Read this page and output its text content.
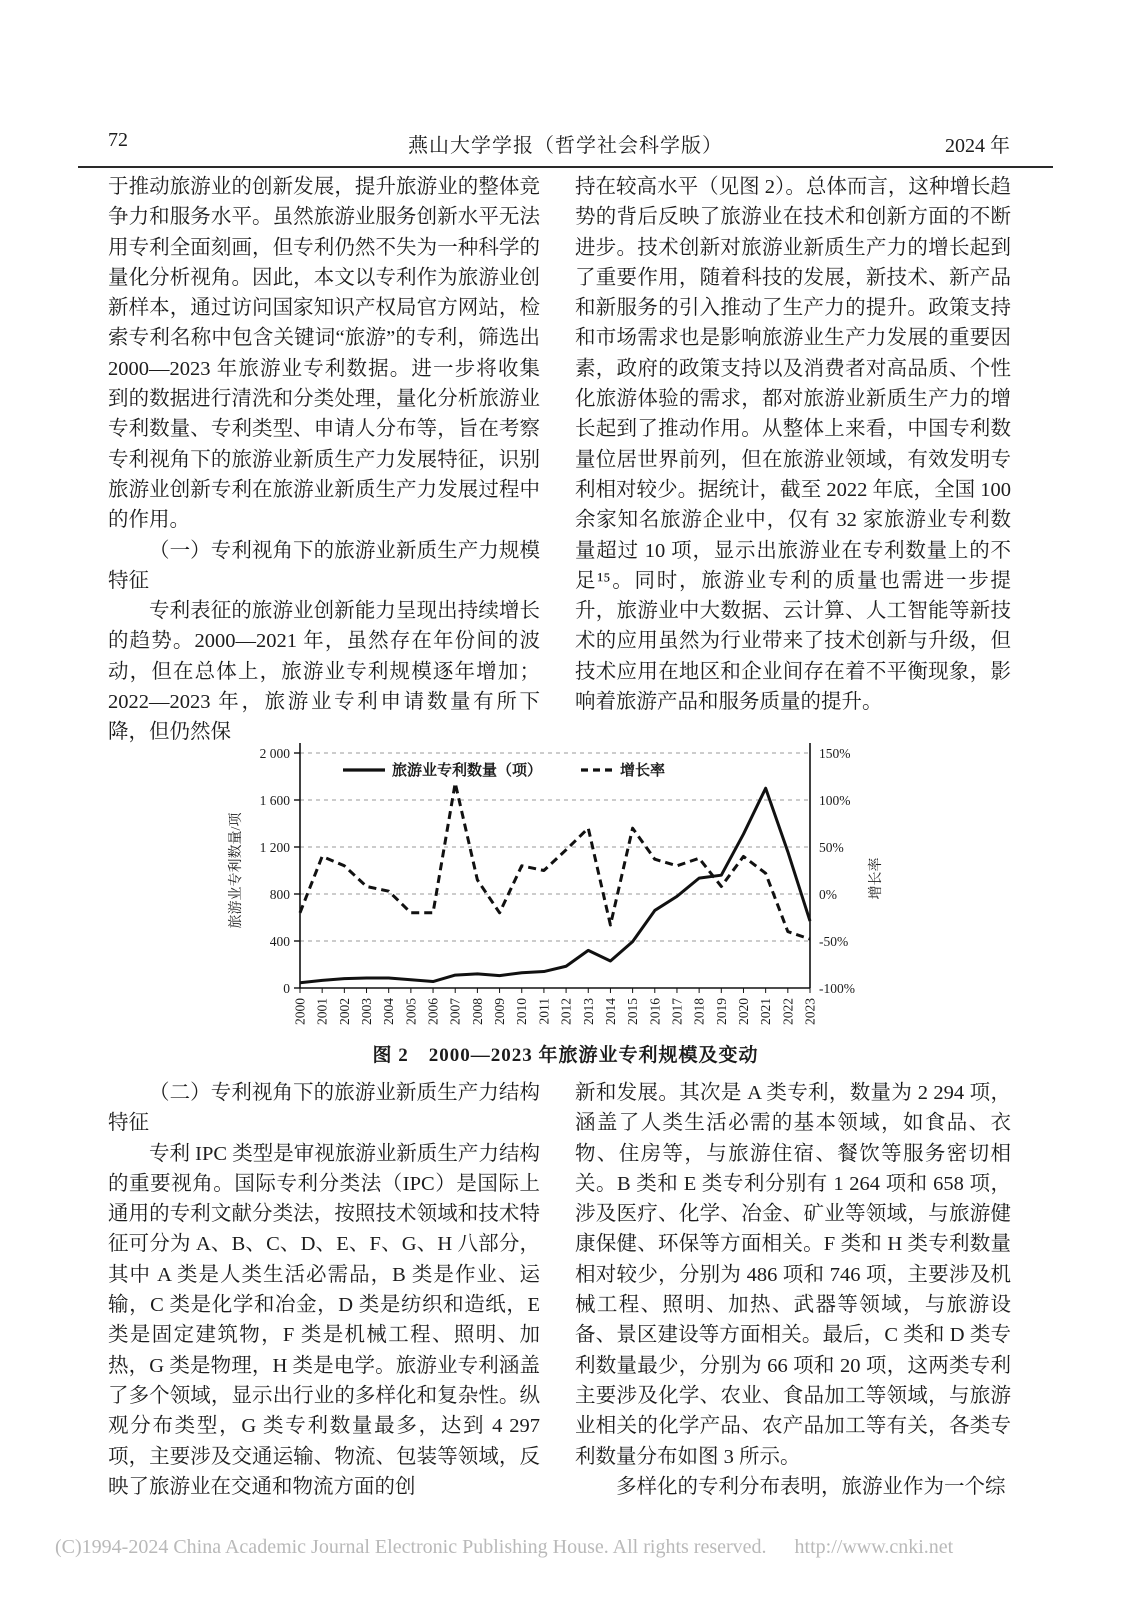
72	燕山大学学报（哲学社会科学版）	2024 年

于推动旅游业的创新发展，提升旅游业的整体竞争力和服务水平。虽然旅游业服务创新水平无法用专利全面刻画，但专利仍然不失为一种科学的量化分析视角。因此，本文以专利作为旅游业创新样本，通过访问国家知识产权局官方网站，检索专利名称中包含关键词“旅游”的专利，筛选出 2000—2023 年旅游业专利数据。进一步将收集到的数据进行清洗和分类处理，量化分析旅游业专利数量、专利类型、申请人分布等，旨在考察专利视角下的旅游业新质生产力发展特征，识别旅游业创新专利在旅游业新质生产力发展过程中的作用。

（一）专利视角下的旅游业新质生产力规模特征

专利表征的旅游业创新能力呈现出持续增长的趋势。2000—2021 年，虽然存在年份间的波动，但在总体上，旅游业专利规模逐年增加；2022—2023 年，旅游业专利申请数量有所下降，但仍然保

持在较高水平（见图 2）。总体而言，这种增长趋势的背后反映了旅游业在技术和创新方面的不断进步。技术创新对旅游业新质生产力的增长起到了重要作用，随着科技的发展，新技术、新产品和新服务的引入推动了生产力的提升。政策支持和市场需求也是影响旅游业生产力发展的重要因素，政府的政策支持以及消费者对高品质、个性化旅游体验的需求，都对旅游业新质生产力的增长起到了推动作用。从整体上来看，中国专利数量位居世界前列，但在旅游业领域，有效发明专利相对较少。据统计，截至 2022 年底，全国 100 余家知名旅游企业中，仅有 32 家旅游业专利数量超过 10 项，显示出旅游业在专利数量上的不足¹⁵。同时，旅游业专利的质量也需进一步提升，旅游业中大数据、云计算、人工智能等新技术的应用虽然为行业带来了技术创新与升级，但技术应用在地区和企业间存在着不平衡现象，影响着旅游产品和服务质量的提升。

2 000
1 600
1 200
800
400
0
150%
100%
50%
0%
-50%
-100%
2000 2001 2002 2003 2004 2005 2006 2007 2008 2009 2010 2011 2012 2013 2014 2015 2016 2017 2018 2019 2020 2021 2022 2023
旅游业专利数量/项	增长率
旅游业专利数量（项）	增长率
图 2　2000—2023 年旅游业专利规模及变动

（二）专利视角下的旅游业新质生产力结构特征

专利 IPC 类型是审视旅游业新质生产力结构的重要视角。国际专利分类法（IPC）是国际上通用的专利文献分类法，按照技术领域和技术特征可分为 A、B、C、D、E、F、G、H 八部分，其中 A 类是人类生活必需品，B 类是作业、运输，C 类是化学和冶金，D 类是纺织和造纸，E 类是固定建筑物，F 类是机械工程、照明、加热，G 类是物理，H 类是电学。旅游业专利涵盖了多个领域，显示出行业的多样化和复杂性。纵观分布类型，G 类专利数量最多，达到 4 297 项，主要涉及交通运输、物流、包装等领域，反映了旅游业在交通和物流方面的创

新和发展。其次是 A 类专利，数量为 2 294 项，涵盖了人类生活必需的基本领域，如食品、衣物、住房等，与旅游住宿、餐饮等服务密切相关。B 类和 E 类专利分别有 1 264 项和 658 项，涉及医疗、化学、冶金、矿业等领域，与旅游健康保健、环保等方面相关。F 类和 H 类专利数量相对较少，分别为 486 项和 746 项，主要涉及机械工程、照明、加热、武器等领域，与旅游设备、景区建设等方面相关。最后，C 类和 D 类专利数量最少，分别为 66 项和 20 项，这两类专利主要涉及化学、农业、食品加工等领域，与旅游业相关的化学产品、农产品加工等有关，各类专利数量分布如图 3 所示。

多样化的专利分布表明，旅游业作为一个综

(C)1994-2024 China Academic Journal Electronic Publishing House. All rights reserved. http://www.cnki.net
